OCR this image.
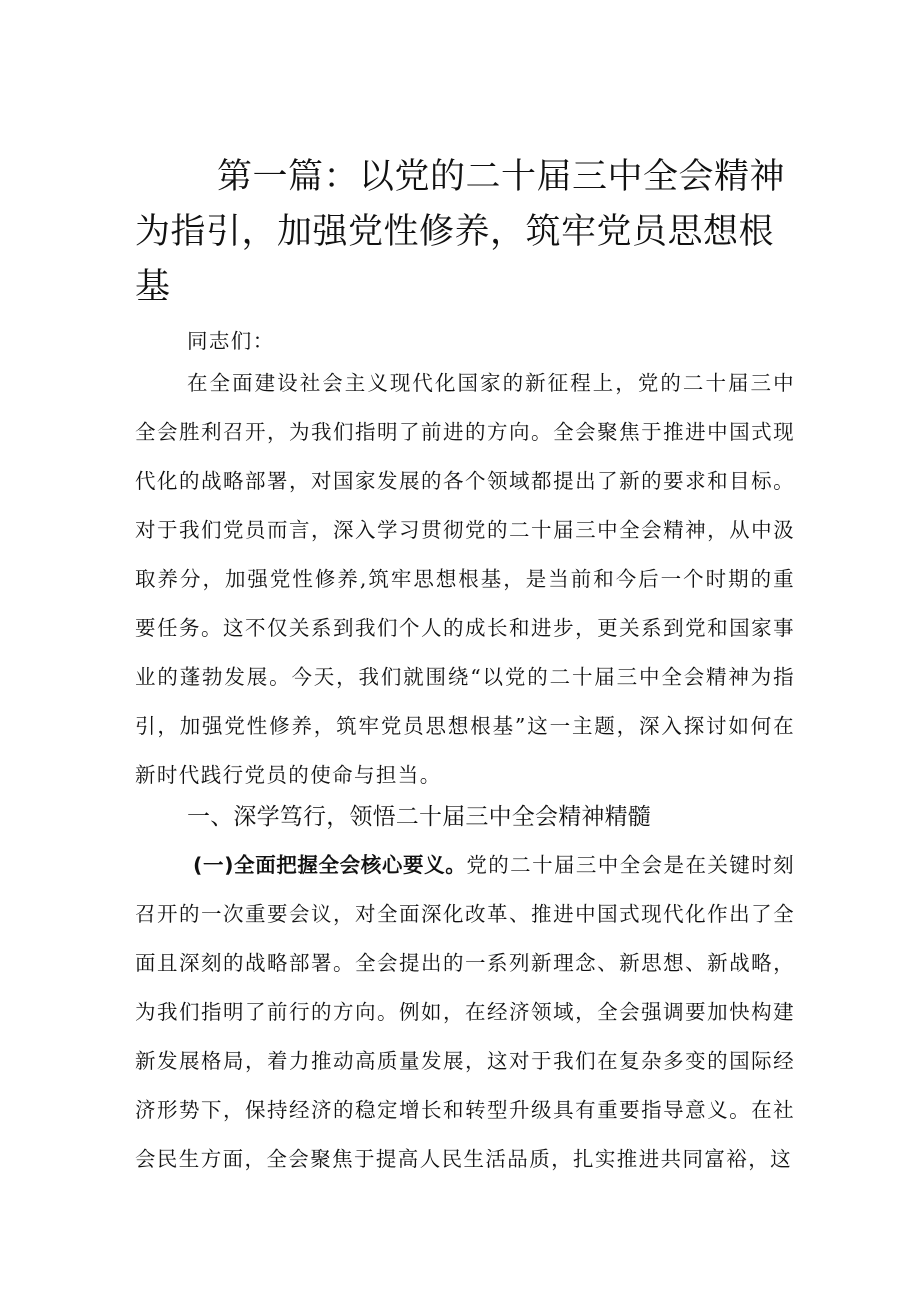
第一篇：以党的二十届三中全会精神为指引，加强党性修养，筑牢党员思想根基

同志们：

在全面建设社会主义现代化国家的新征程上，党的二十届三中全会胜利召开，为我们指明了前进的方向。全会聚焦于推进中国式现代化的战略部署，对国家发展的各个领域都提出了新的要求和目标。对于我们党员而言，深入学习贯彻党的二十届三中全会精神，从中汲取养分，加强党性修养,筑牢思想根基，是当前和今后一个时期的重要任务。这不仅关系到我们个人的成长和进步，更关系到党和国家事业的蓬勃发展。今天，我们就围绕“以党的二十届三中全会精神为指引，加强党性修养，筑牢党员思想根基”这一主题，深入探讨如何在新时代践行党员的使命与担当。

一、深学笃行，领悟二十届三中全会精神精髓

(一)全面把握全会核心要义。党的二十届三中全会是在关键时刻召开的一次重要会议，对全面深化改革、推进中国式现代化作出了全面且深刻的战略部署。全会提出的一系列新理念、新思想、新战略，为我们指明了前行的方向。例如，在经济领域，全会强调要加快构建新发展格局，着力推动高质量发展，这对于我们在复杂多变的国际经济形势下，保持经济的稳定增长和转型升级具有重要指导意义。在社会民生方面，全会聚焦于提高人民生活品质，扎实推进共同富裕，这
